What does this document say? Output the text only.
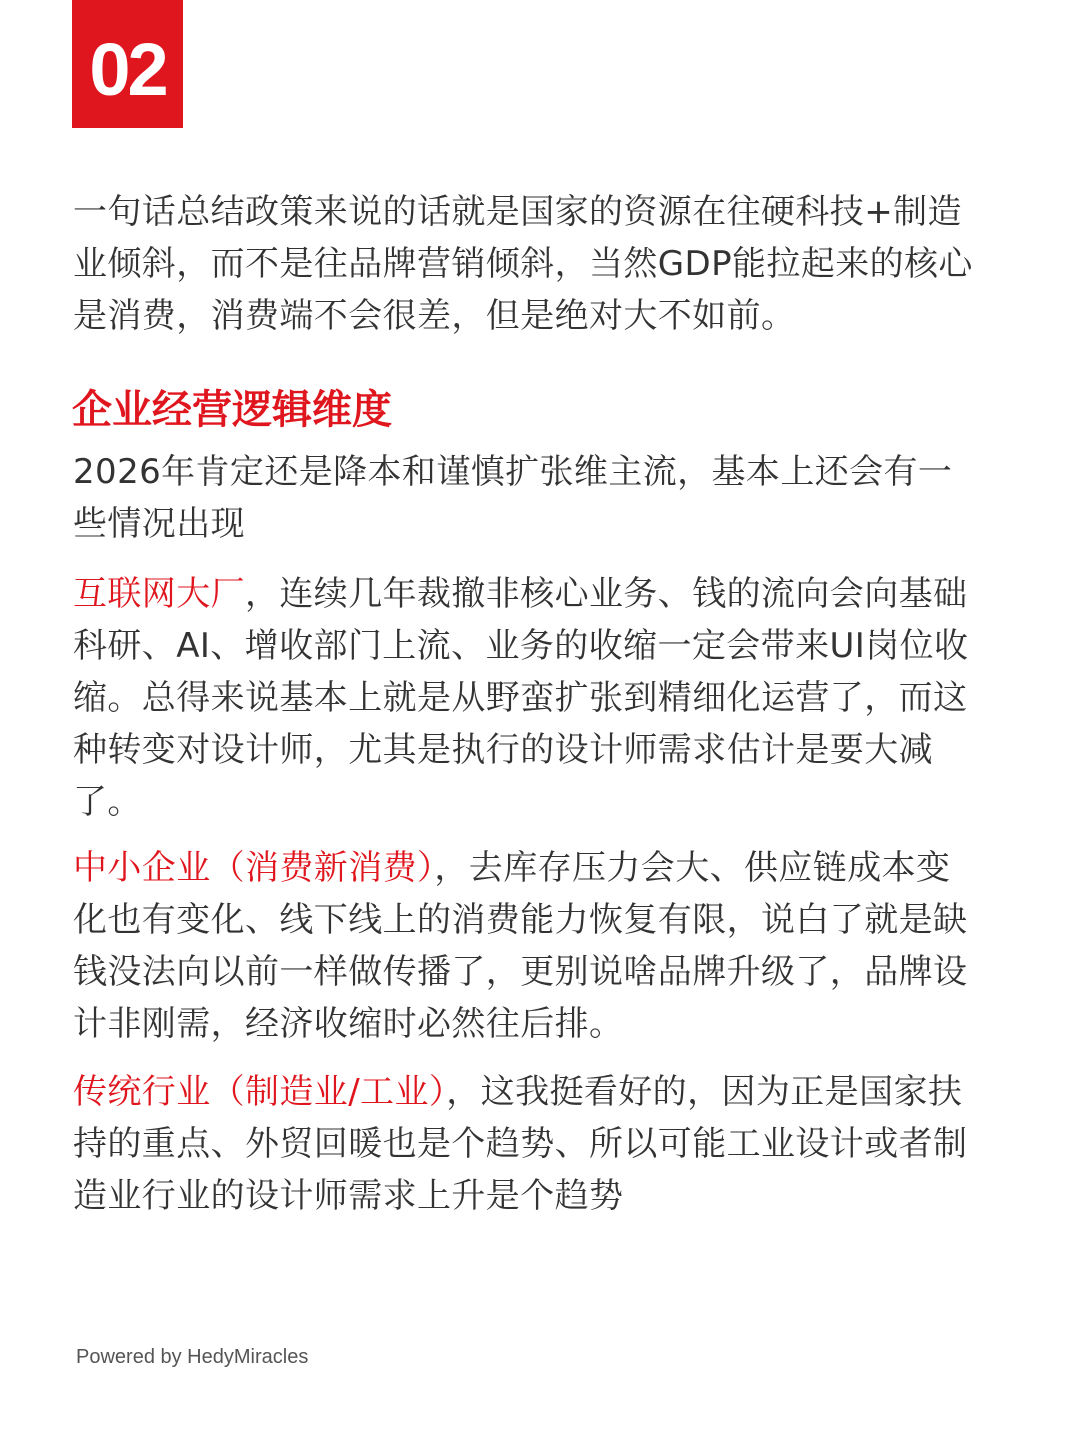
02

一句话总结政策来说的话就是国家的资源在往硬科技+制造业倾斜，而不是往品牌营销倾斜，当然GDP能拉起来的核心是消费，消费端不会很差，但是绝对大不如前。

企业经营逻辑维度

2026年肯定还是降本和谨慎扩张维主流，基本上还会有一些情况出现

互联网大厂，连续几年裁撤非核心业务、钱的流向会向基础科研、AI、增收部门上流、业务的收缩一定会带来UI岗位收缩。总得来说基本上就是从野蛮扩张到精细化运营了，而这种转变对设计师，尤其是执行的设计师需求估计是要大减了。

中小企业（消费新消费），去库存压力会大、供应链成本变化也有变化、线下线上的消费能力恢复有限，说白了就是缺钱没法向以前一样做传播了，更别说啥品牌升级了，品牌设计非刚需，经济收缩时必然往后排。

传统行业（制造业/工业），这我挺看好的，因为正是国家扶持的重点、外贸回暖也是个趋势、所以可能工业设计或者制造业行业的设计师需求上升是个趋势

Powered by HedyMiracles
